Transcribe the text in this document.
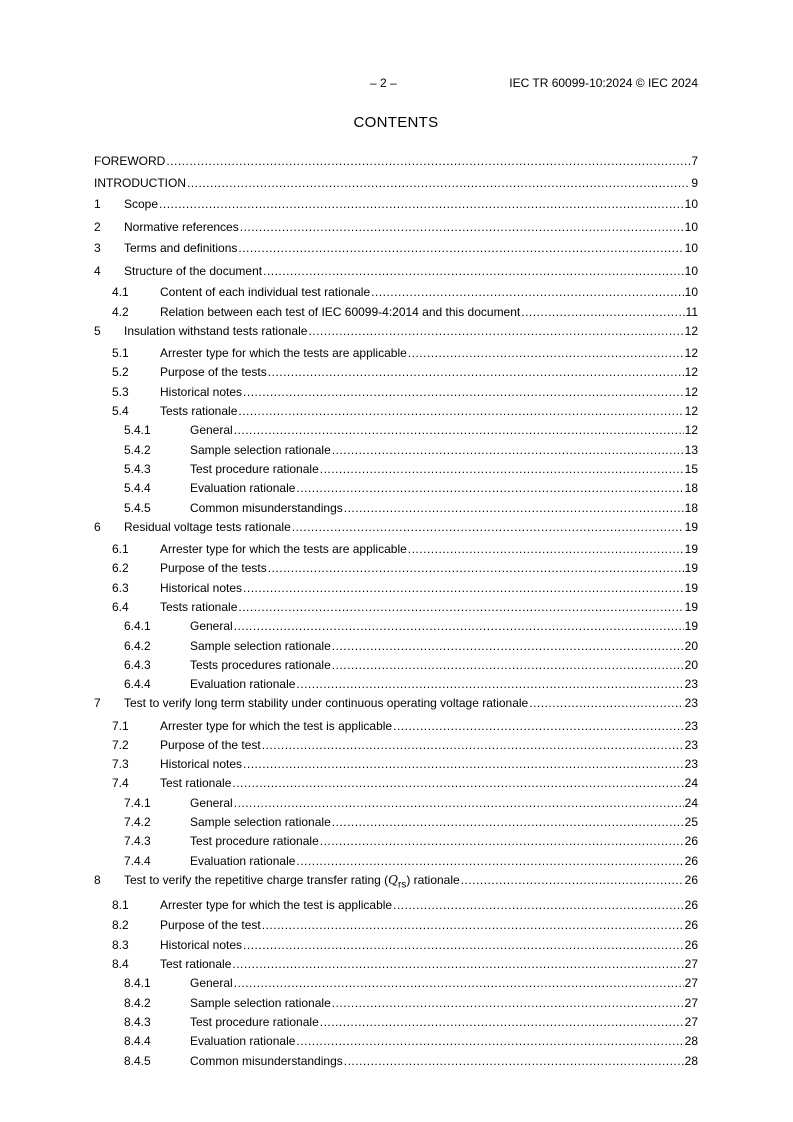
– 2 –	IEC TR 60099-10:2024 © IEC 2024
CONTENTS
FOREWORD .....	7
INTRODUCTION .....	9
1	Scope .....	10
2	Normative references .....	10
3	Terms and definitions .....	10
4	Structure of the document .....	10
4.1	Content of each individual test rationale .....	10
4.2	Relation between each test of IEC 60099-4:2014 and this document .....	11
5	Insulation withstand tests rationale .....	12
5.1	Arrester type for which the tests are applicable .....	12
5.2	Purpose of the tests .....	12
5.3	Historical notes .....	12
5.4	Tests rationale .....	12
5.4.1	General .....	12
5.4.2	Sample selection rationale .....	13
5.4.3	Test procedure rationale .....	15
5.4.4	Evaluation rationale .....	18
5.4.5	Common misunderstandings .....	18
6	Residual voltage tests rationale .....	19
6.1	Arrester type for which the tests are applicable .....	19
6.2	Purpose of the tests .....	19
6.3	Historical notes .....	19
6.4	Tests rationale .....	19
6.4.1	General .....	19
6.4.2	Sample selection rationale .....	20
6.4.3	Tests procedures rationale .....	20
6.4.4	Evaluation rationale .....	23
7	Test to verify long term stability under continuous operating voltage rationale .....	23
7.1	Arrester type for which the test is applicable .....	23
7.2	Purpose of the test .....	23
7.3	Historical notes .....	23
7.4	Test rationale .....	24
7.4.1	General .....	24
7.4.2	Sample selection rationale .....	25
7.4.3	Test procedure rationale .....	26
7.4.4	Evaluation rationale .....	26
8	Test to verify the repetitive charge transfer rating $(Q_{rs})$ rationale .....	26
8.1	Arrester type for which the test is applicable .....	26
8.2	Purpose of the test .....	26
8.3	Historical notes .....	26
8.4	Test rationale .....	27
8.4.1	General .....	27
8.4.2	Sample selection rationale .....	27
8.4.3	Test procedure rationale .....	27
8.4.4	Evaluation rationale .....	28
8.4.5	Common misunderstandings .....	28
